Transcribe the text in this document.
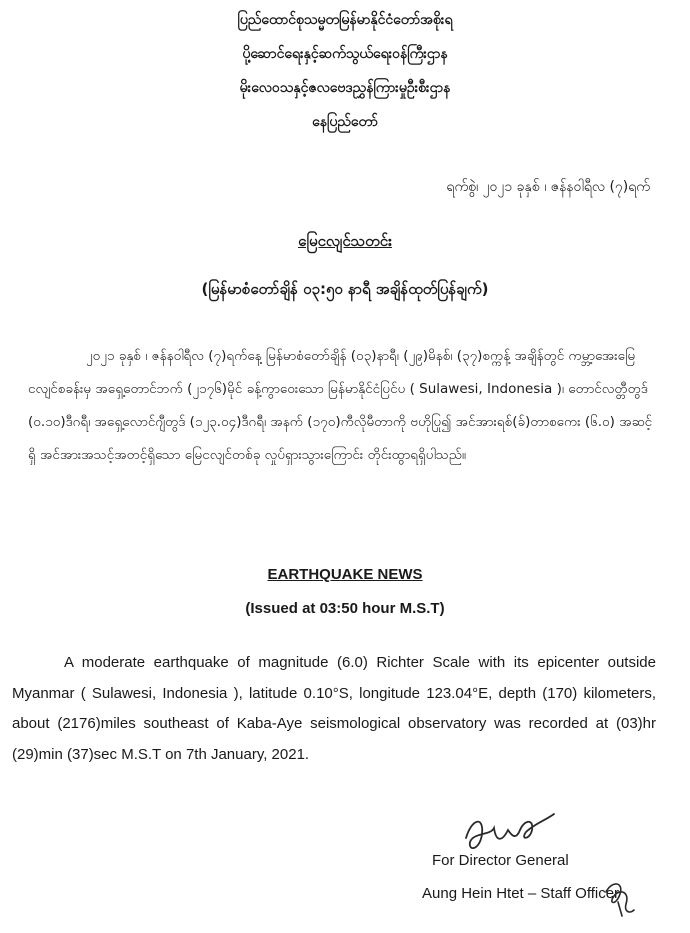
ပြည်ထောင်စုသမ္မတမြန်မာနိုင်ငံတော်အစိုးရ
ပို့ဆောင်ရေးနှင့်ဆက်သွယ်ရေးဝန်ကြီးဌာန
မိုးလေဝသနှင့်ဇလဗေဒညွှန်ကြားမှုဦးစီးဌာန
နေပြည်တော်
ရက်စွဲ၊ ၂၀၂၁ ခုနှစ် ၊ ဇန်နဝါရီလ (၇)ရက်
မြေငလျင်သတင်း
(မြန်မာစံတော်ချိန် ၀၃:၅၀ နာရီ အချိန်ထုတ်ပြန်ချက်)

၂၀၂၁ ခုနှစ် ၊ ဇန်နဝါရီလ (၇)ရက်နေ့ မြန်မာစံတော်ချိန် (၀၃)နာရီ၊ (၂၉)မိနစ်၊ (၃၇)စက္ကန့် အချိန်တွင် ကမ္ဘာ့အေးမြေငလျင်စခန်းမှ အရှေ့တောင်ဘက် (၂၁၇၆)မိုင် ခန့်ကွာဝေးသော မြန်မာနိုင်ငံပြင်ပ ( Sulawesi, Indonesia )၊ တောင်လတ္တီတွဒ် (၀.၁၀)ဒီဂရီ၊ အရှေ့လောင်ဂျီတွဒ် (၁၂၃.၀၄)ဒီဂရီ၊ အနက် (၁၇၀)ကီလိုမီတာကို ဗဟိုပြု၍ အင်အားရစ်(ခ်)တာစကေး (၆.၀) အဆင့်ရှိ အင်အားအသင့်အတင့်ရှိသော မြေငလျင်တစ်ခု လှုပ်ရှားသွားကြောင်း တိုင်းထွာရရှိပါသည်။

EARTHQUAKE NEWS
(Issued at 03:50 hour M.S.T)

A moderate earthquake of magnitude (6.0) Richter Scale with its epicenter outside Myanmar ( Sulawesi, Indonesia ), latitude 0.10°S, longitude 123.04°E, depth (170) kilometers, about (2176)miles southeast of Kaba-Aye seismological observatory was recorded at (03)hr (29)min (37)sec M.S.T on 7th January, 2021.

For Director General
Aung Hein Htet – Staff Officer
